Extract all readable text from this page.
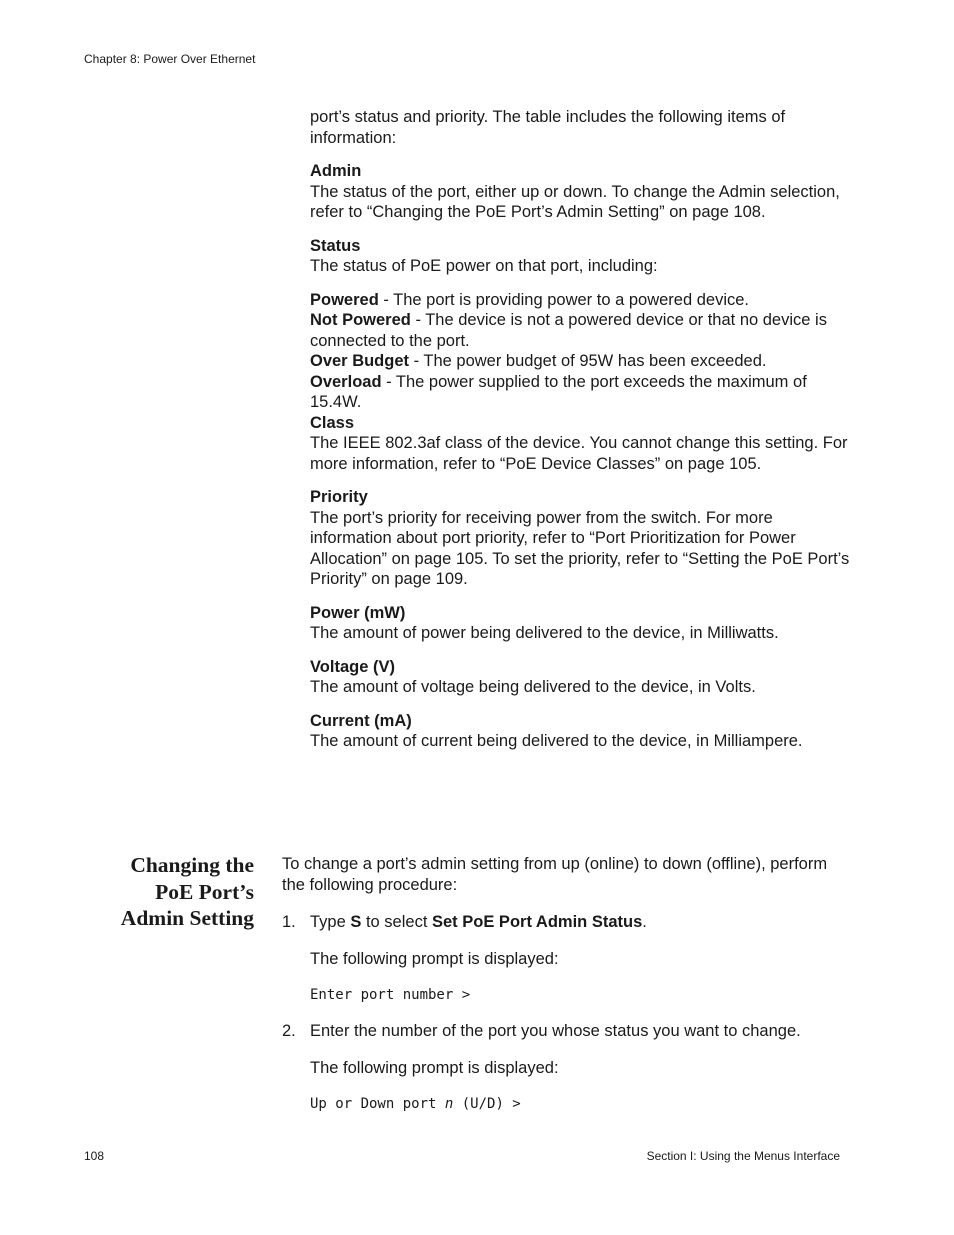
Chapter 8: Power Over Ethernet

port’s status and priority. The table includes the following items of information:

Admin

The status of the port, either up or down. To change the Admin selection, refer to “Changing the PoE Port’s Admin Setting” on page 108.

Status

The status of PoE power on that port, including:

Powered - The port is providing power to a powered device.

Not Powered - The device is not a powered device or that no device is connected to the port.

Over Budget - The power budget of 95W has been exceeded.

Overload - The power supplied to the port exceeds the maximum of 15.4W.

Class

The IEEE 802.3af class of the device. You cannot change this setting. For more information, refer to “PoE Device Classes” on page 105.

Priority

The port’s priority for receiving power from the switch. For more information about port priority, refer to “Port Prioritization for Power Allocation” on page 105. To set the priority, refer to “Setting the PoE Port’s Priority” on page 109.

Power (mW)

The amount of power being delivered to the device, in Milliwatts.

Voltage (V)

The amount of voltage being delivered to the device, in Volts.

Current (mA)

The amount of current being delivered to the device, in Milliampere.

Changing the
PoE Port’s
Admin Setting

To change a port’s admin setting from up (online) to down (offline), perform the following procedure:

1. Type S to select Set PoE Port Admin Status.

The following prompt is displayed:

Enter port number >

2. Enter the number of the port you whose status you want to change.

The following prompt is displayed:

Up or Down port n (U/D) >

108	Section I: Using the Menus Interface
